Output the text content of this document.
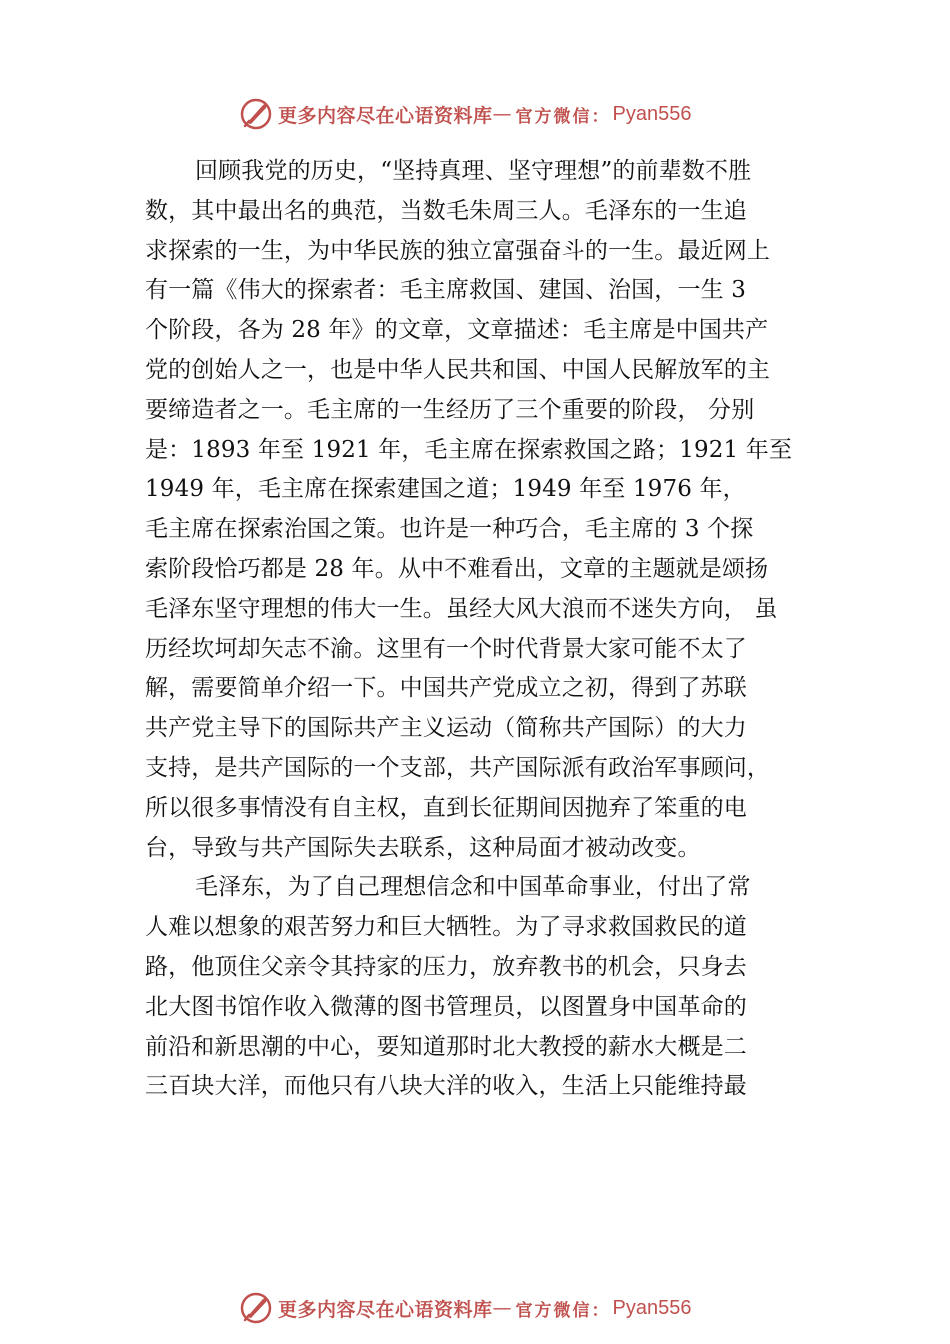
更多内容尽在心语资料库 — 官方微信： Pyan556

回顾我党的历史，“坚持真理、坚守理想”的前辈数不胜

数，其中最出名的典范，当数毛朱周三人。毛泽东的一生追

求探索的一生，为中华民族的独立富强奋斗的一生。最近网上

有一篇《伟大的探索者：毛主席救国、建国、治国，一生 3

个阶段，各为 28 年》的文章，文章描述：毛主席是中国共产

党的创始人之一，也是中华人民共和国、中国人民解放军的主

要缔造者之一。毛主席的一生经历了三个重要的阶段， 分别

是：1893 年至 1921 年，毛主席在探索救国之路；1921 年至

1949 年，毛主席在探索建国之道；1949 年至 1976 年，

毛主席在探索治国之策。也许是一种巧合，毛主席的 3 个探

索阶段恰巧都是 28 年。从中不难看出，文章的主题就是颂扬

毛泽东坚守理想的伟大一生。虽经大风大浪而不迷失方向， 虽

历经坎坷却矢志不渝。这里有一个时代背景大家可能不太了

解，需要简单介绍一下。中国共产党成立之初，得到了苏联

共产党主导下的国际共产主义运动（简称共产国际）的大力

支持，是共产国际的一个支部，共产国际派有政治军事顾问，

所以很多事情没有自主权，直到长征期间因抛弃了笨重的电

台，导致与共产国际失去联系，这种局面才被动改变。

毛泽东，为了自己理想信念和中国革命事业，付出了常

人难以想象的艰苦努力和巨大牺牲。为了寻求救国救民的道

路，他顶住父亲令其持家的压力，放弃教书的机会，只身去

北大图书馆作收入微薄的图书管理员，以图置身中国革命的

前沿和新思潮的中心，要知道那时北大教授的薪水大概是二

三百块大洋，而他只有八块大洋的收入，生活上只能维持最

更多内容尽在心语资料库 — 官方微信： Pyan556
